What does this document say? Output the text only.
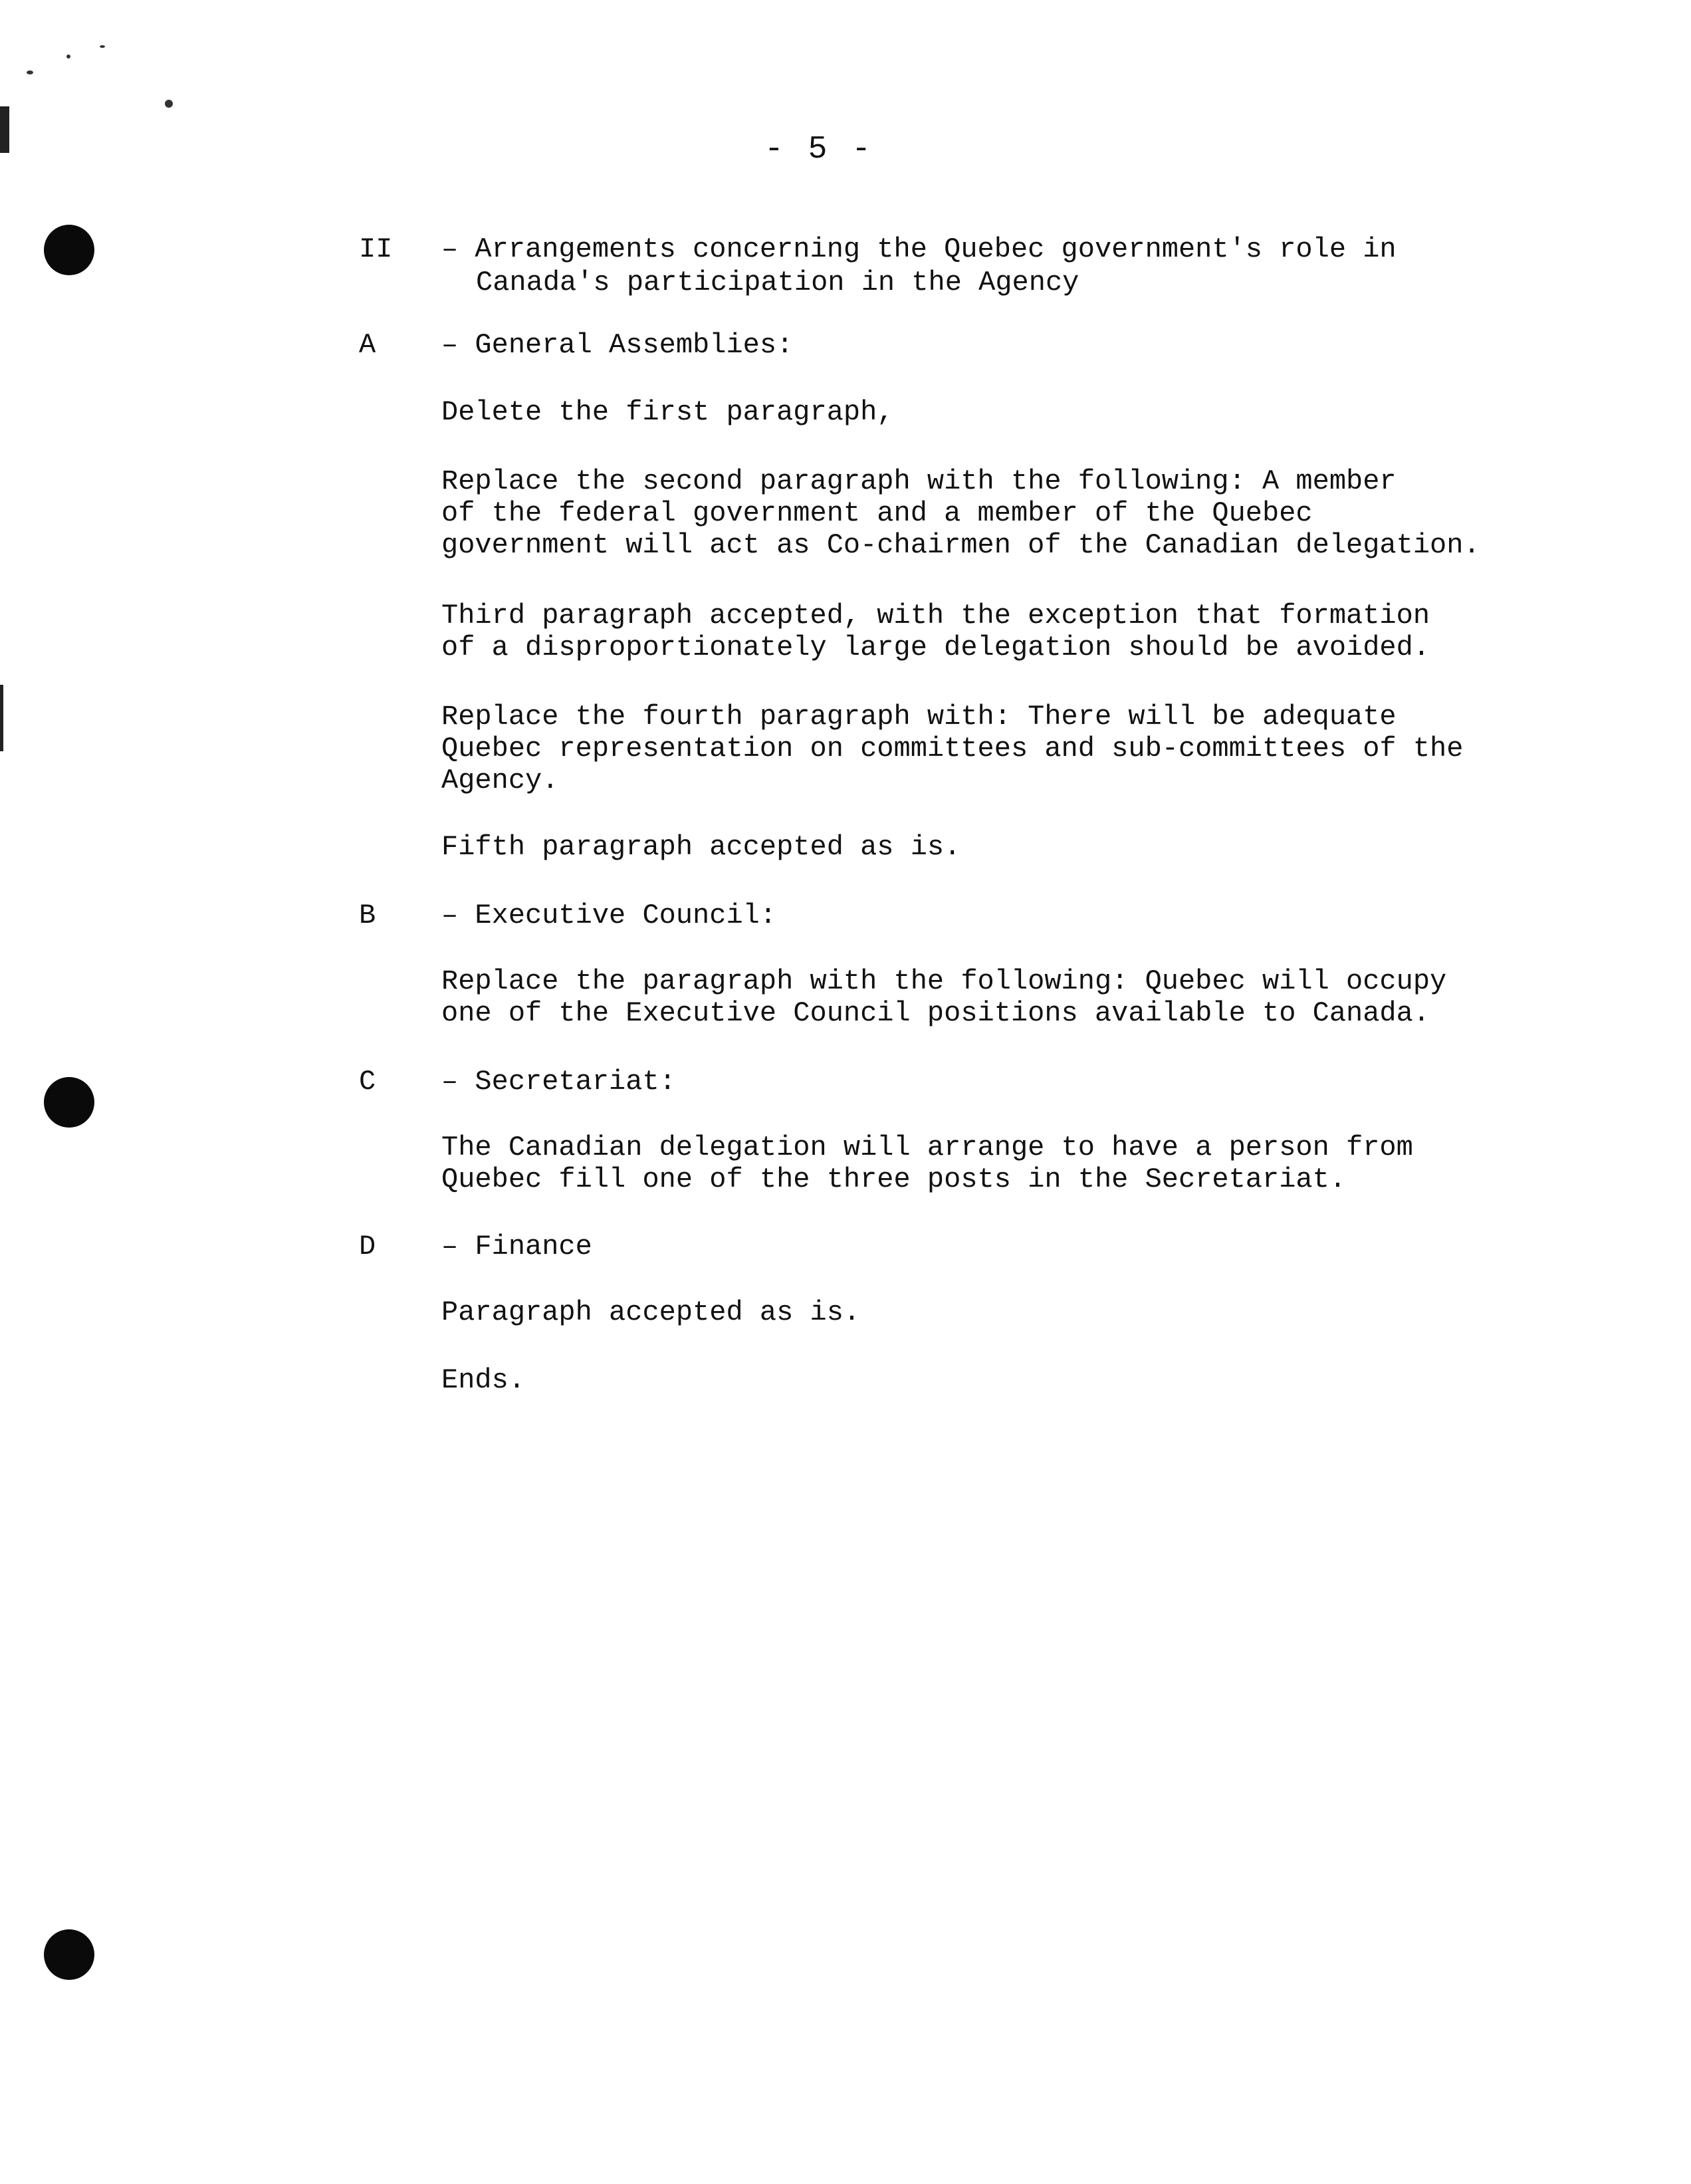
- 5 -
II	– Arrangements concerning the Quebec government's role in
Canada's participation in the Agency
A	– General Assemblies:
Delete the first paragraph,
Replace the second paragraph with the following: A member
of the federal government and a member of the Quebec
government will act as Co-chairmen of the Canadian delegation.
Third paragraph accepted, with the exception that formation
of a disproportionately large delegation should be avoided.
Replace the fourth paragraph with: There will be adequate
Quebec representation on committees and sub-committees of the
Agency.
Fifth paragraph accepted as is.
B	– Executive Council:
Replace the paragraph with the following: Quebec will occupy
one of the Executive Council positions available to Canada.
C	– Secretariat:
The Canadian delegation will arrange to have a person from
Quebec fill one of the three posts in the Secretariat.
D	– Finance
Paragraph accepted as is.
Ends.
